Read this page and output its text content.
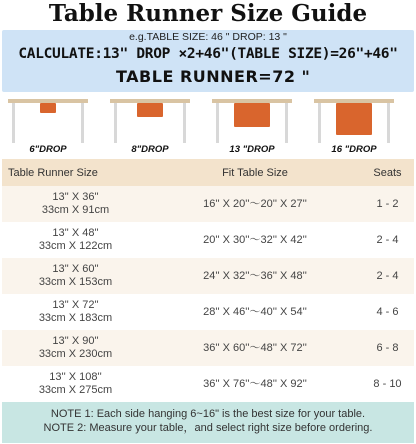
Table Runner Size Guide
e.g.TABLE SIZE: 46 " DROP: 13 "
CALCULATE:13" DROP ×2+46"(TABLE SIZE)=26"+46"
TABLE RUNNER=72 "
6"DROP	8"DROP	13 "DROP	16 "DROP
Table Runner Size	Fit Table Size	Seats
13'' X 36''
33cm X 91cm	16'' X 20''～20'' X 27''	1 - 2
13'' X 48''
33cm X 122cm	20'' X 30''～32'' X 42''	2 - 4
13'' X 60''
33cm X 153cm	24'' X 32''～36'' X 48''	2 - 4
13'' X 72''
33cm X 183cm	28'' X 46''～40'' X 54''	4 - 6
13'' X 90''
33cm X 230cm	36'' X 60''～48'' X 72''	6 - 8
13'' X 108''
33cm X 275cm	36'' X 76''～48'' X 92''	8 - 10
NOTE 1: Each side hanging 6~16" is the best size for your table.
NOTE 2: Measure your table，and select right size before ordering.
